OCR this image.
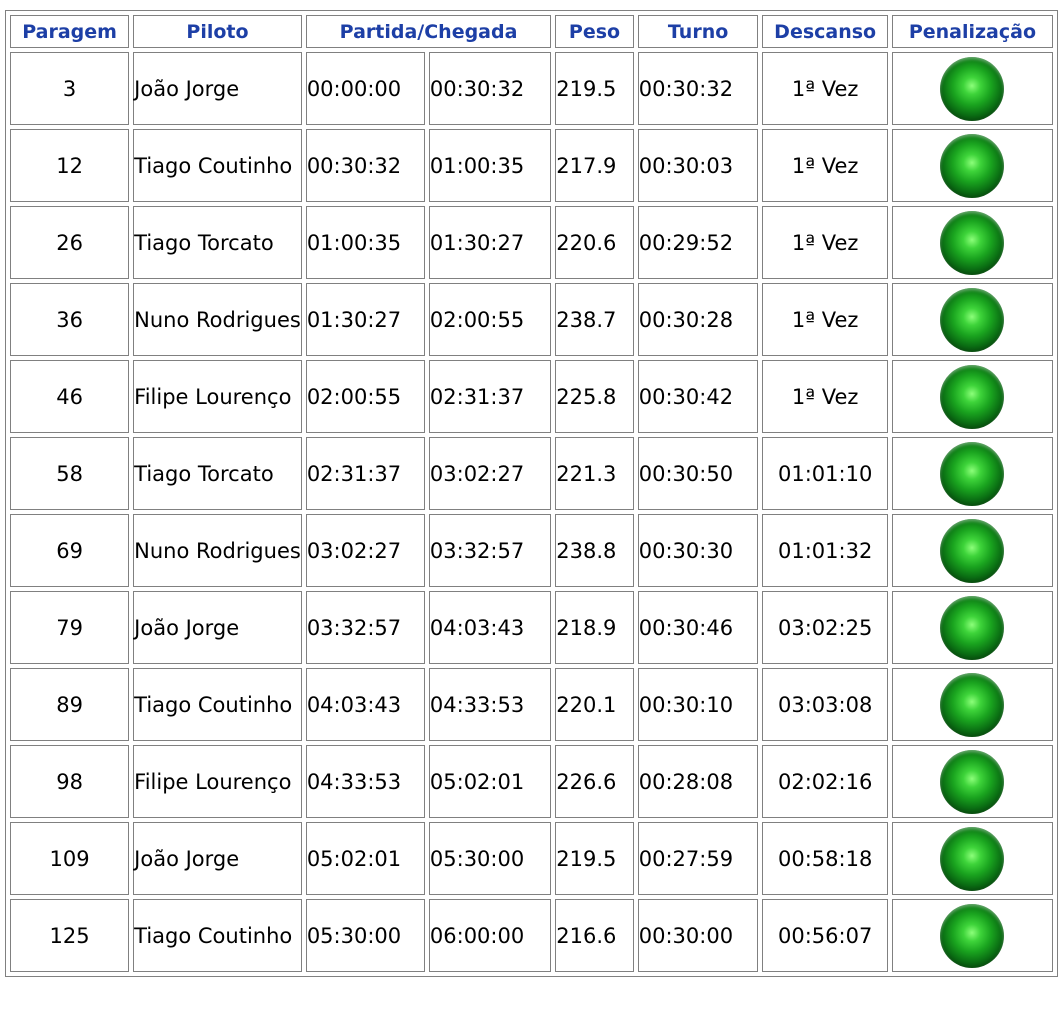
Paragem	Piloto	Partida/Chegada		Peso	Turno	Descanso	Penalização
3	João Jorge	00:00:00	00:30:32	219.5	00:30:32	1ª Vez	
12	Tiago Coutinho	00:30:32	01:00:35	217.9	00:30:03	1ª Vez	
26	Tiago Torcato	01:00:35	01:30:27	220.6	00:29:52	1ª Vez	
36	Nuno Rodrigues	01:30:27	02:00:55	238.7	00:30:28	1ª Vez	
46	Filipe Lourenço	02:00:55	02:31:37	225.8	00:30:42	1ª Vez	
58	Tiago Torcato	02:31:37	03:02:27	221.3	00:30:50	01:01:10	
69	Nuno Rodrigues	03:02:27	03:32:57	238.8	00:30:30	01:01:32	
79	João Jorge	03:32:57	04:03:43	218.9	00:30:46	03:02:25	
89	Tiago Coutinho	04:03:43	04:33:53	220.1	00:30:10	03:03:08	
98	Filipe Lourenço	04:33:53	05:02:01	226.6	00:28:08	02:02:16	
109	João Jorge	05:02:01	05:30:00	219.5	00:27:59	00:58:18	
125	Tiago Coutinho	05:30:00	06:00:00	216.6	00:30:00	00:56:07	
